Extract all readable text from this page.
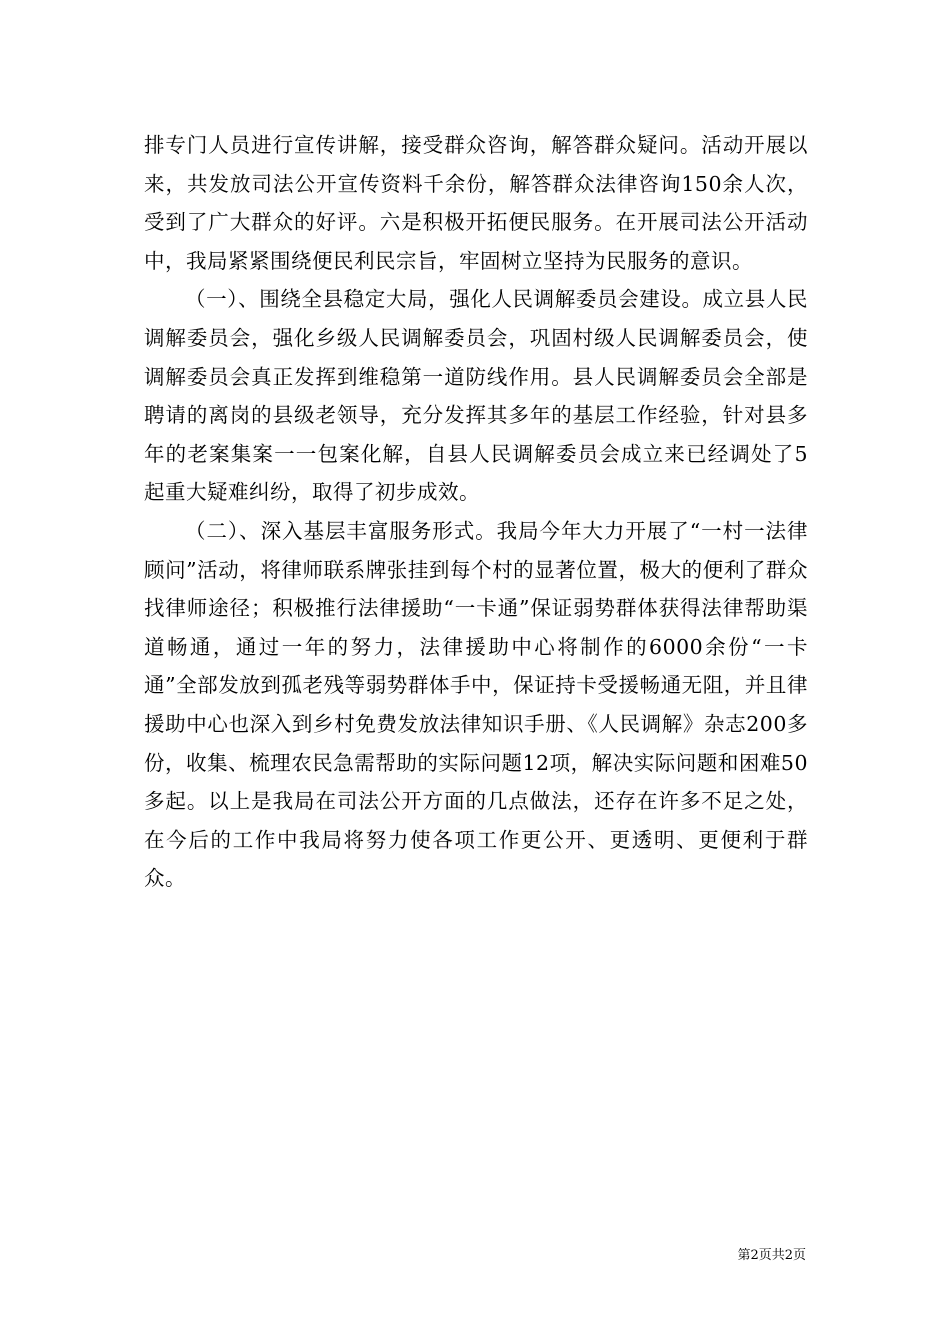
排专门人员进行宣传讲解，接受群众咨询，解答群众疑问。活动开展以来，共发放司法公开宣传资料千余份，解答群众法律咨询150余人次，受到了广大群众的好评。六是积极开拓便民服务。在开展司法公开活动中，我局紧紧围绕便民利民宗旨，牢固树立坚持为民服务的意识。

（一）、围绕全县稳定大局，强化人民调解委员会建设。成立县人民调解委员会，强化乡级人民调解委员会，巩固村级人民调解委员会，使调解委员会真正发挥到维稳第一道防线作用。县人民调解委员会全部是聘请的离岗的县级老领导，充分发挥其多年的基层工作经验，针对县多年的老案集案一一包案化解，自县人民调解委员会成立来已经调处了5起重大疑难纠纷，取得了初步成效。

（二）、深入基层丰富服务形式。我局今年大力开展了“一村一法律顾问”活动，将律师联系牌张挂到每个村的显著位置，极大的便利了群众找律师途径；积极推行法律援助“一卡通”保证弱势群体获得法律帮助渠道畅通，通过一年的努力，法律援助中心将制作的6000余份“一卡通”全部发放到孤老残等弱势群体手中，保证持卡受援畅通无阻，并且律援助中心也深入到乡村免费发放法律知识手册、《人民调解》杂志200多份，收集、梳理农民急需帮助的实际问题12项，解决实际问题和困难50多起。以上是我局在司法公开方面的几点做法，还存在许多不足之处，在今后的工作中我局将努力使各项工作更公开、更透明、更便利于群众。

第2页共2页
